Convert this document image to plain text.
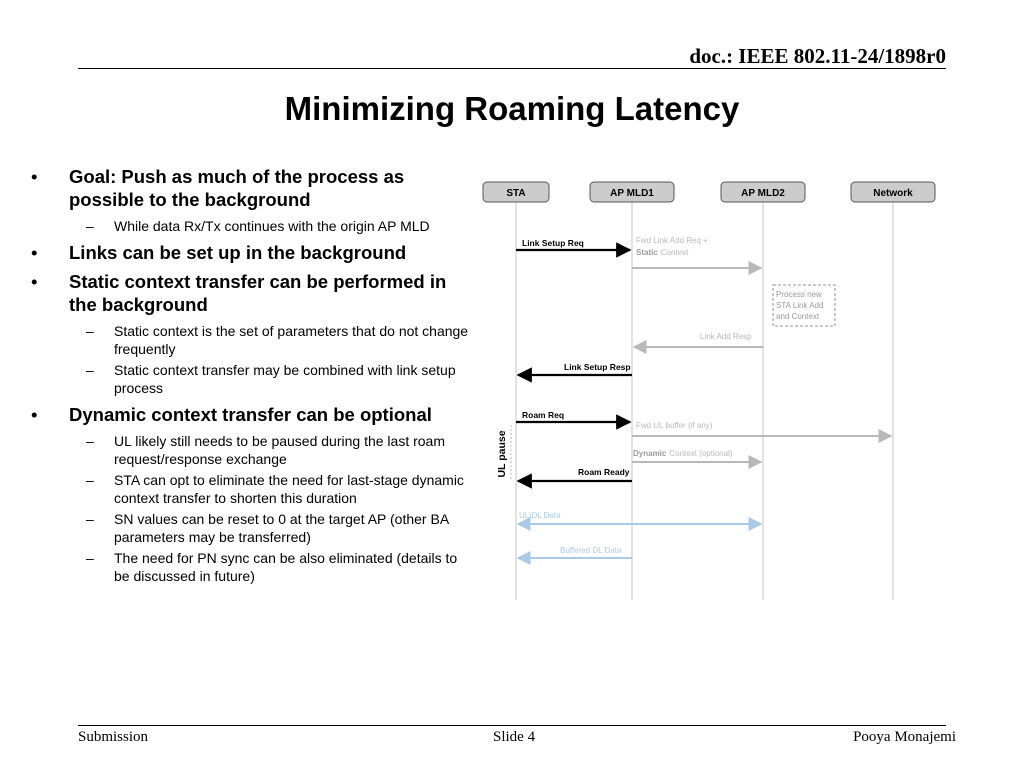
doc.: IEEE 802.11-24/1898r0
Minimizing Roaming Latency
• Goal: Push as much of the process as possible to the background
– While data Rx/Tx continues with the origin AP MLD
• Links can be set up in the background
• Static context transfer can be performed in the background
– Static context is the set of parameters that do not change frequently
– Static context transfer may be combined with link setup process
• Dynamic context transfer can be optional
– UL likely still needs to be paused during the last roam request/response exchange
– STA can opt to eliminate the need for last-stage dynamic context transfer to shorten this duration
– SN values can be reset to 0 at the target AP (other BA parameters may be transferred)
– The need for PN sync can be also eliminated (details to be discussed in future)
STA	AP MLD1	AP MLD2	Network
Link Setup Req	Fwd Link Add Req +
Static Context
Process new
STA Link Add
and Context
Link Add Resp
Link Setup Resp
Roam Req
Fwd UL buffer (if any)
Dynamic Context (optional)
Roam Ready
UL pause
UL\DL Data
Buffered DL Data
Submission	Slide 4	Pooya Monajemi
